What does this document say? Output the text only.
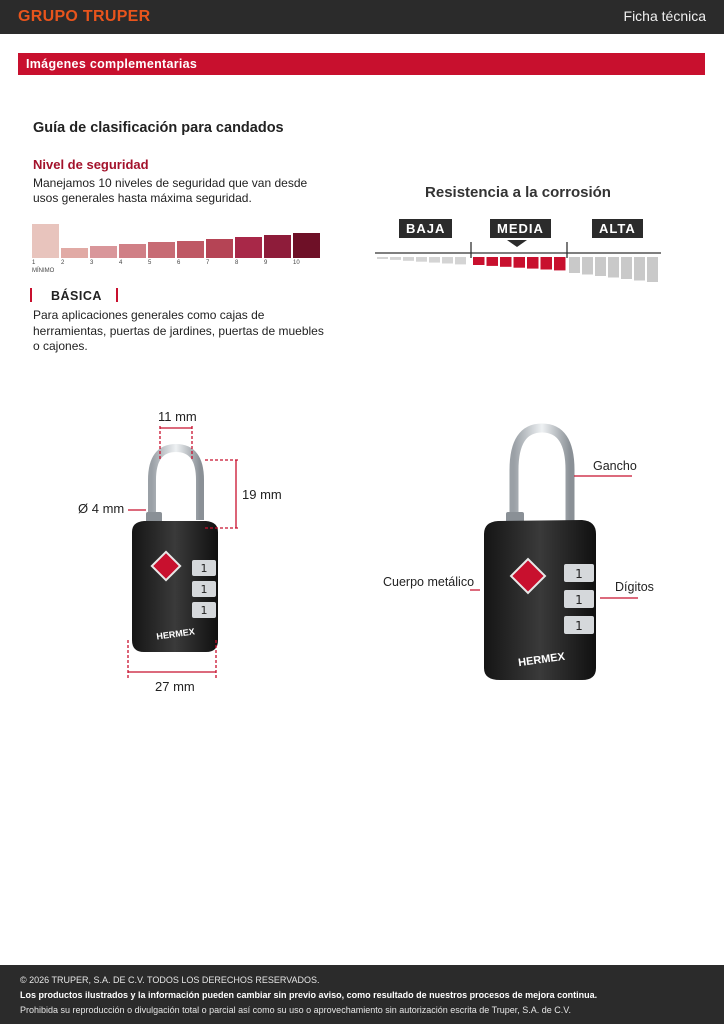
GRUPO TRUPER	Ficha técnica
Imágenes complementarias
Guía de clasificación para candados
Nivel de seguridad
Manejamos 10 niveles de seguridad que van desde usos generales hasta máxima seguridad.
1	2	3	4	5	6	7	8	9	10
MÍNIMO
BÁSICA
Para aplicaciones generales como cajas de herramientas, puertas de jardines, puertas de muebles o cajones.
Resistencia a la corrosión
BAJA	MEDIA	ALTA
1
1
1
HERMEX
11 mm
19 mm
Ø 4 mm
27 mm
1
1
1
HERMEX
Gancho
Cuerpo metálico	Dígitos

© 2026 TRUPER, S.A. DE C.V. TODOS LOS DERECHOS RESERVADOS.

Los productos ilustrados y la información pueden cambiar sin previo aviso, como resultado de nuestros procesos de mejora continua.

Prohibida su reproducción o divulgación total o parcial así como su uso o aprovechamiento sin autorización escrita de Truper, S.A. de C.V.
